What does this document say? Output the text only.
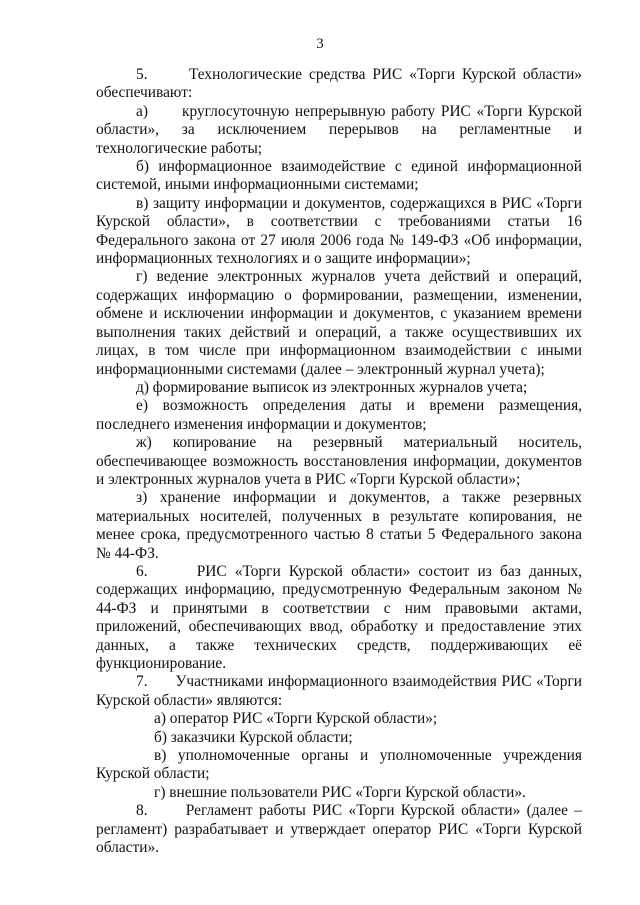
3

5.      Технологические средства РИС «Торги Курской области» обеспечивают:

а)      круглосуточную непрерывную работу РИС «Торги Курской области», за исключением перерывов на регламентные и технологические работы;

б) информационное взаимодействие с единой информационной системой, иными информационными системами;

в) защиту информации и документов, содержащихся в РИС «Торги Курской области», в соответствии с требованиями статьи 16 Федерального закона от 27 июля 2006 года № 149-ФЗ «Об информации, информационных технологиях и о защите информации»;

г) ведение электронных журналов учета действий и операций, содержащих информацию о формировании, размещении, изменении, обмене и исключении информации и документов, с указанием времени выполнения таких действий и операций, а также осуществивших их лицах, в том числе при информационном взаимодействии с иными информационными системами (далее – электронный журнал учета);

д) формирование выписок из электронных журналов учета;

е) возможность определения даты и времени размещения, последнего изменения информации и документов;

ж) копирование на резервный материальный носитель, обеспечивающее возможность восстановления информации, документов и электронных журналов учета в РИС «Торги Курской области»;

з) хранение информации и документов, а также резервных материальных носителей, полученных в результате копирования, не менее срока, предусмотренного частью 8 статьи 5 Федерального закона № 44-ФЗ.

6.      РИС «Торги Курской области» состоит из баз данных, содержащих информацию, предусмотренную Федеральным законом № 44-ФЗ и принятыми в соответствии с ним правовыми актами, приложений, обеспечивающих ввод, обработку и предоставление этих данных, а также технических средств, поддерживающих её функционирование.

7.      Участниками информационного взаимодействия РИС «Торги Курской области» являются:

а) оператор РИС «Торги Курской области»;

б) заказчики Курской области;

в) уполномоченные органы и уполномоченные учреждения Курской области;

г) внешние пользователи РИС «Торги Курской области».

8.      Регламент работы РИС «Торги Курской области» (далее – регламент) разрабатывает и утверждает оператор РИС «Торги Курской области».
